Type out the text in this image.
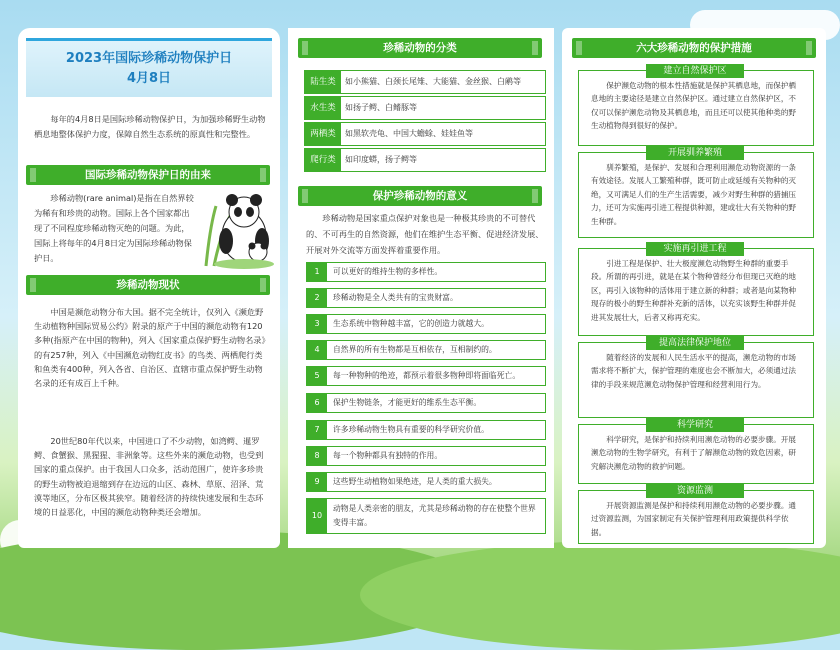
2023年国际珍稀动物保护日
4月8日

每年的4月8日是国际珍稀动物保护日，为加强珍稀野生动物栖息地整体保护力度，保障自然生态系统的原真性和完整性。

国际珍稀动物保护日的由来

珍稀动物(rare animal)是指在自然界较为稀有和珍贵的动物。国际上各个国家都出现了不同程度珍稀动物灭绝的问题。为此，国际上将每年的4月8日定为国际珍稀动物保护日。

珍稀动物现状

中国是濒危动物分布大国。据不完全统计，仅列入《濒危野生动植物种国际贸易公约》附录的原产于中国的濒危动物有120多种(指原产在中国的物种)，列入《国家重点保护野生动物名录》的有257种，列入《中国濒危动物红皮书》的鸟类、两栖爬行类和鱼类有400种，列入各省、自治区、直辖市重点保护野生动物名录的还有成百上千种。
20世纪80年代以来，中国进口了不少动物，如湾鳄、暹罗鳄、食蟹猴、黑猩猩、非洲象等。这些外来的濒危动物，也受到国家的重点保护。由于我国人口众多，活动范围广，使许多珍贵的野生动物被迫退缩到存在边远的山区、森林、草原、沼泽、荒漠等地区，分布区极其狭窄。随着经济的持续快速发展和生态环境的日益恶化，中国的濒危动物种类还会增加。
珍稀动物的分类
陆生类	如小熊猫、白颈长尾雉、大能猫、金丝猴、白鹇等
水生类	如扬子鳄、白鳍豚等
两栖类	如黑软壳龟、中国大蟾蜍、娃娃鱼等
爬行类	如印度蟒，扬子鳄等
保护珍稀动物的意义

珍稀动物是国家重点保护对象也是一种极其珍贵的不可替代的、不可再生的自然资源，他们在维护生态平衡、促进经济发展、开展对外交流等方面发挥着重要作用。

1	可以更好的维持生物的多样性。
2	珍稀动物是全人类共有的宝贵财富。
3	生态系统中物种越丰富，它的创造力就越大。
4	自然界的所有生物都是互相依存，互相制约的。
5	每一种物种的绝迹，都预示着很多物种即将面临死亡。
6	保护生物链条，才能更好的维系生态平衡。
7	许多珍稀动物生物具有重要的科学研究价值。
8	每一个物种都具有独特的作用。
9	这些野生动植物如果绝迹，是人类的重大损失。
10
动物是人类亲密的朋友，尤其是珍稀动物的存在使整个世界变得丰富。
六大珍稀动物的保护措施

保护濒危动物的根本性措施就是保护其栖息地，而保护栖息地的主要途径是建立自然保护区。通过建立自然保护区，不仅可以保护濒危动物及其栖息地，而且还可以使其他种类的野生动植物得到很好的保护。

建立自然保护区

驯养繁殖，是保护、发展和合理利用濒危动物资源的一条有效途径。发展人工繁殖种群，既可防止或延缓有关物种的灭绝，又可满足人们的生产生活需要，减少对野生种群的猎捕压力，还可为实施再引进工程提供种源，建或壮大有关物种的野生种群。

开展驯养繁殖

引进工程是保护、壮大极度濒危动物野生种群的重要手段。所谓的再引进，就是在某个物种曾经分布但现已灭绝的地区，再引入该物种的活体用于建立新的种群；或者是向某物种现存的极小的野生种群补充新的活体，以充实该野生种群并促进其发展壮大，后者又称再充实。

实施再引进工程

随着经济的发展和人民生活水平的提高，濒危动物的市场需求将不断扩大，保护管理的难度也会不断加大，必须通过法律的手段来规范濒危动物保护管理和经营利用行为。

提高法律保护地位

科学研究，是保护和持续利用濒危动物的必要步骤。开展濒危动物的生物学研究，有利于了解濒危动物的致危因素，研究解决濒危动物的救护问题。

科学研究

开展资源监测是保护和持续利用濒危动物的必要步骤。通过资源监测，为国家制定有关保护管理利用政策提供科学依据。

资源监测
